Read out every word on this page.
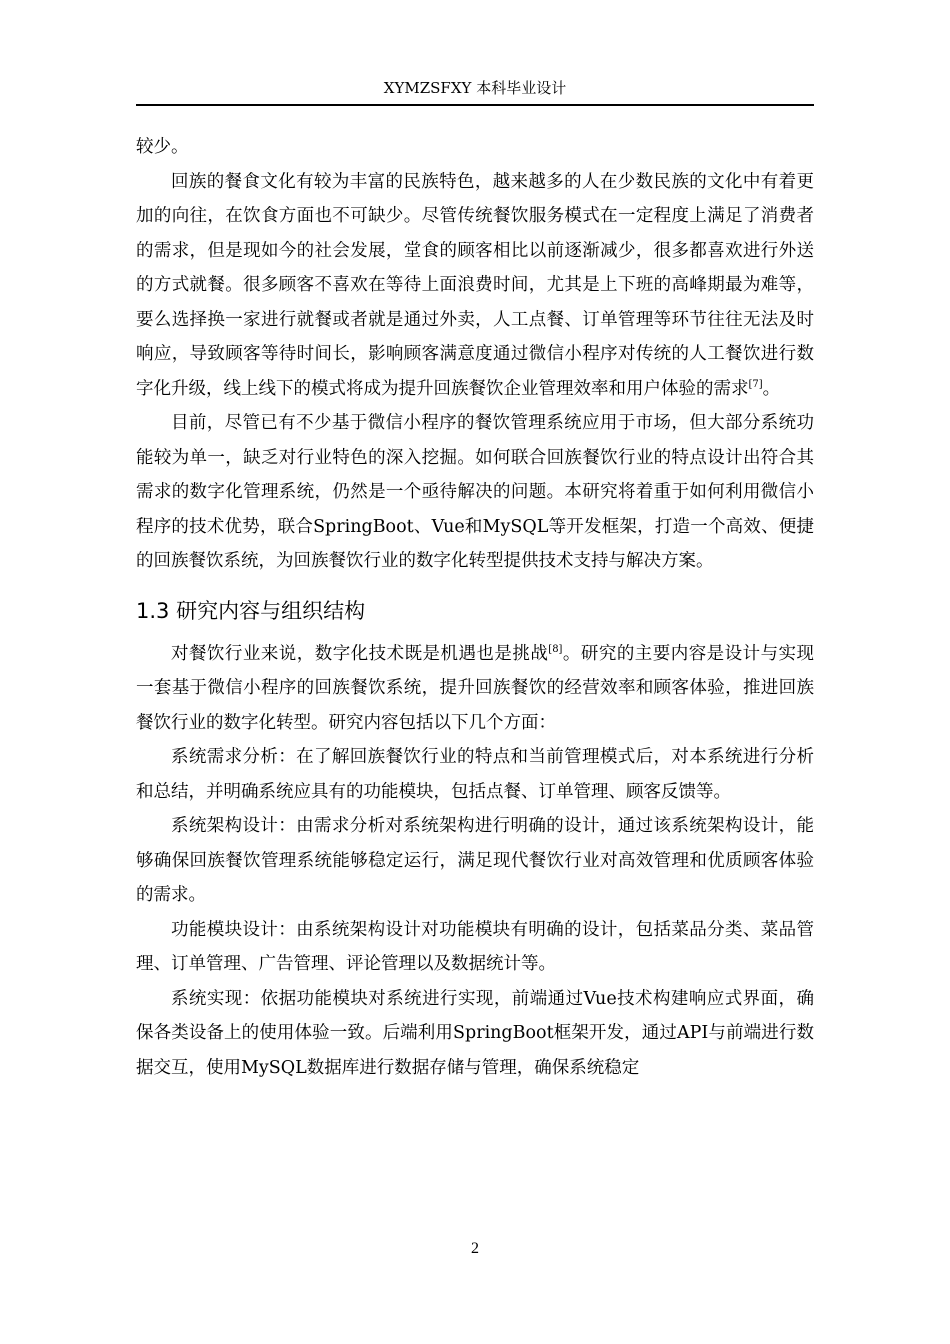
XYMZSFXY 本科毕业设计

较少。

回族的餐食文化有较为丰富的民族特色，越来越多的人在少数民族的文化中有着更加的向往，在饮食方面也不可缺少。尽管传统餐饮服务模式在一定程度上满足了消费者的需求，但是现如今的社会发展，堂食的顾客相比以前逐渐减少，很多都喜欢进行外送的方式就餐。很多顾客不喜欢在等待上面浪费时间，尤其是上下班的高峰期最为难等，要么选择换一家进行就餐或者就是通过外卖，人工点餐、订单管理等环节往往无法及时响应，导致顾客等待时间长，影响顾客满意度通过微信小程序对传统的人工餐饮进行数字化升级，线上线下的模式将成为提升回族餐饮企业管理效率和用户体验的需求[7]。

目前，尽管已有不少基于微信小程序的餐饮管理系统应用于市场，但大部分系统功能较为单一，缺乏对行业特色的深入挖掘。如何联合回族餐饮行业的特点设计出符合其需求的数字化管理系统，仍然是一个亟待解决的问题。本研究将着重于如何利用微信小程序的技术优势，联合SpringBoot、Vue和MySQL等开发框架，打造一个高效、便捷的回族餐饮系统，为回族餐饮行业的数字化转型提供技术支持与解决方案。

1.3 研究内容与组织结构

对餐饮行业来说，数字化技术既是机遇也是挑战[8]。研究的主要内容是设计与实现一套基于微信小程序的回族餐饮系统，提升回族餐饮的经营效率和顾客体验，推进回族餐饮行业的数字化转型。研究内容包括以下几个方面：

系统需求分析：在了解回族餐饮行业的特点和当前管理模式后，对本系统进行分析和总结，并明确系统应具有的功能模块，包括点餐、订单管理、顾客反馈等。

系统架构设计：由需求分析对系统架构进行明确的设计，通过该系统架构设计，能够确保回族餐饮管理系统能够稳定运行，满足现代餐饮行业对高效管理和优质顾客体验的需求。

功能模块设计：由系统架构设计对功能模块有明确的设计，包括菜品分类、菜品管理、订单管理、广告管理、评论管理以及数据统计等。

系统实现：依据功能模块对系统进行实现，前端通过Vue技术构建响应式界面，确保各类设备上的使用体验一致。后端利用SpringBoot框架开发，通过API与前端进行数据交互，使用MySQL数据库进行数据存储与管理，确保系统稳定

2
